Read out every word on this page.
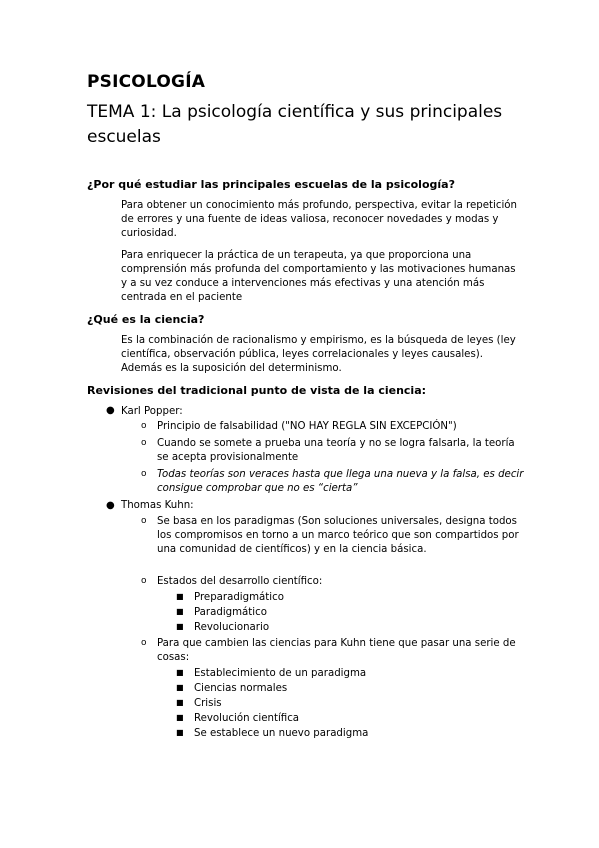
PSICOLOGÍA
TEMA 1: La psicología científica y sus principales escuelas
¿Por qué estudiar las principales escuelas de la psicología?
Para obtener un conocimiento más profundo, perspectiva, evitar la repetición de errores y una fuente de ideas valiosa, reconocer novedades y modas y curiosidad.
Para enriquecer la práctica de un terapeuta, ya que proporciona una comprensión más profunda del comportamiento y las motivaciones humanas y a su vez conduce a intervenciones más efectivas y una atención más centrada en el paciente
¿Qué es la ciencia?
Es la combinación de racionalismo y empirismo, es la búsqueda de leyes (ley científica, observación pública, leyes correlacionales y leyes causales). Además es la suposición del determinismo.
Revisiones del tradicional punto de vista de la ciencia:
● Karl Popper:
o Principio de falsabilidad ("NO HAY REGLA SIN EXCEPCIÓN")
o Cuando se somete a prueba una teoría y no se logra falsarla, la teoría se acepta provisionalmente
o Todas teorías son veraces hasta que llega una nueva y la falsa, es decir consigue comprobar que no es “cierta”
● Thomas Kuhn:
o Se basa en los paradigmas (Son soluciones universales, designa todos los compromisos en torno a un marco teórico que son compartidos por una comunidad de científicos) y en la ciencia básica.
o Estados del desarrollo científico:
■ Preparadigmático
■ Paradigmático
■ Revolucionario
o Para que cambien las ciencias para Kuhn tiene que pasar una serie de cosas:
■ Establecimiento de un paradigma
■ Ciencias normales
■ Crisis
■ Revolución científica
■ Se establece un nuevo paradigma
